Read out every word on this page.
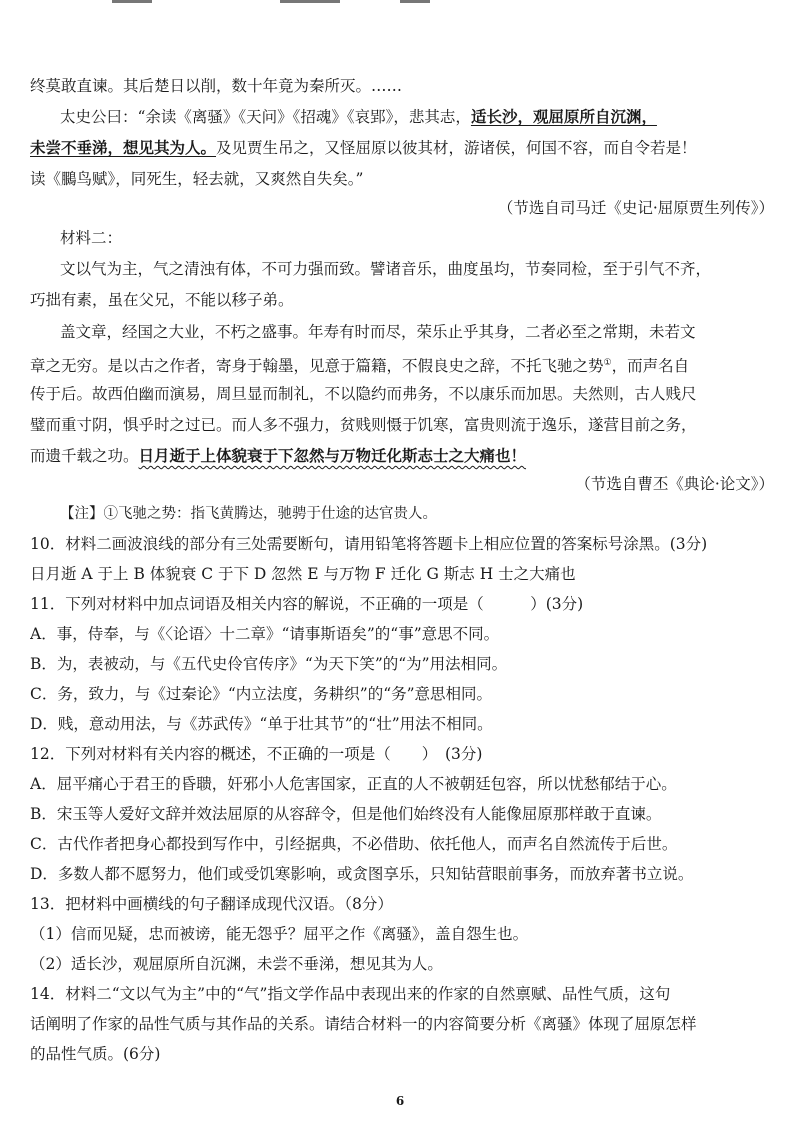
终莫敢直谏。其后楚日以削，数十年竟为秦所灭。……
太史公曰：“余读《离骚》《天问》《招魂》《哀郢》，悲其志，适长沙，观屈原所自沉渊，
未尝不垂涕，想见其为人。及见贾生吊之，又怪屈原以彼其材，游诸侯，何国不容，而自令若是！
读《鵩鸟赋》，同死生，轻去就，又爽然自失矣。”
（节选自司马迁《史记·屈原贾生列传》）
材料二：
文以气为主，气之清浊有体，不可力强而致。譬诸音乐，曲度虽均，节奏同检，至于引气不齐，
巧拙有素，虽在父兄，不能以移子弟。
盖文章，经国之大业，不朽之盛事。年寿有时而尽，荣乐止乎其身，二者必至之常期，未若文
章之无穷。是以古之作者，寄身于翰墨，见意于篇籍，不假良史之辞，不托飞驰之势①，而声名自
传于后。故西伯幽而演易，周旦显而制礼，不以隐约而弗务，不以康乐而加思。夫然则，古人贱尺
璧而重寸阴，惧乎时之过已。而人多不强力，贫贱则慑于饥寒，富贵则流于逸乐，遂营目前之务，
而遗千载之功。日月逝于上体貌衰于下忽然与万物迁化斯志士之大痛也！
（节选自曹丕《典论·论文》）
【注】①飞驰之势：指飞黄腾达，驰骋于仕途的达官贵人。
10．材料二画波浪线的部分有三处需要断句，请用铅笔将答题卡上相应位置的答案标号涂黑。(3分)
日月逝 A 于上 B 体貌衰 C 于下 D 忽然 E 与万物 F 迁化 G 斯志 H 士之大痛也
11．下列对材料中加点词语及相关内容的解说，不正确的一项是（　　　）(3分)
A．事，侍奉，与《〈论语〉十二章》“请事斯语矣”的“事”意思不同。
B．为，表被动，与《五代史伶官传序》“为天下笑”的“为”用法相同。
C．务，致力，与《过秦论》“内立法度，务耕织”的“务”意思相同。
D．贱，意动用法，与《苏武传》“单于壮其节”的“壮”用法不相同。
12．下列对材料有关内容的概述，不正确的一项是（　　）　(3分)
A．屈平痛心于君王的昏聩，奸邪小人危害国家，正直的人不被朝廷包容，所以忧愁郁结于心。
B．宋玉等人爱好文辞并效法屈原的从容辞令，但是他们始终没有人能像屈原那样敢于直谏。
C．古代作者把身心都投到写作中，引经据典，不必借助、依托他人，而声名自然流传于后世。
D．多数人都不愿努力，他们或受饥寒影响，或贪图享乐，只知钻营眼前事务，而放弃著书立说。
13．把材料中画横线的句子翻译成现代汉语。（8分）
（1）信而见疑，忠而被谤，能无怨乎？屈平之作《离骚》，盖自怨生也。
（2）适长沙，观屈原所自沉渊，未尝不垂涕，想见其为人。
14．材料二“文以气为主”中的“气”指文学作品中表现出来的作家的自然禀赋、品性气质，这句
话阐明了作家的品性气质与其作品的关系。请结合材料一的内容简要分析《离骚》体现了屈原怎样
的品性气质。(6分)
6
